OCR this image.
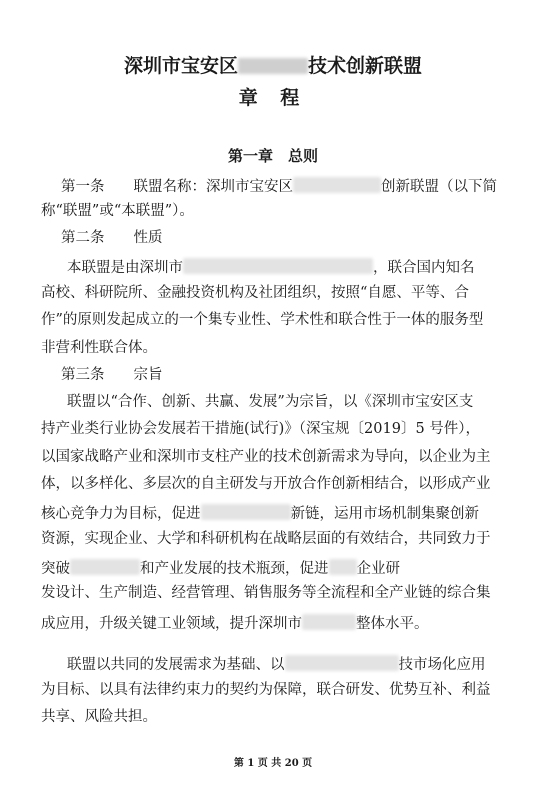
深圳市宝安区	技术创新联盟
章 程
第一章　总则
第一条　　联盟名称：深圳市宝安区	创新联盟（以下简
称“联盟”或“本联盟”）。
第二条　　性质
本联盟是由深圳市	，联合国内知名
高校、科研院所、金融投资机构及社团组织，按照“自愿、平等、合
作”的原则发起成立的一个集专业性、学术性和联合性于一体的服务型
非营利性联合体。
第三条　　宗旨
联盟以“合作、创新、共赢、发展”为宗旨，以《深圳市宝安区支
持产业类行业协会发展若干措施(试行)》（深宝规〔2019〕5 号件），
以国家战略产业和深圳市支柱产业的技术创新需求为导向，以企业为主
体，以多样化、多层次的自主研发与开放合作创新相结合，以形成产业
核心竞争力为目标，促进	新链，运用市场机制集聚创新
资源，实现企业、大学和科研机构在战略层面的有效结合，共同致力于
突破	和产业发展的技术瓶颈，促进 企业研
发设计、生产制造、经营管理、销售服务等全流程和全产业链的综合集
成应用，升级关键工业领域，提升深圳市	整体水平。
联盟以共同的发展需求为基础、以	技市场化应用
为目标、以具有法律约束力的契约为保障，联合研发、优势互补、利益
共享、风险共担。
第 1 页 共 20 页
